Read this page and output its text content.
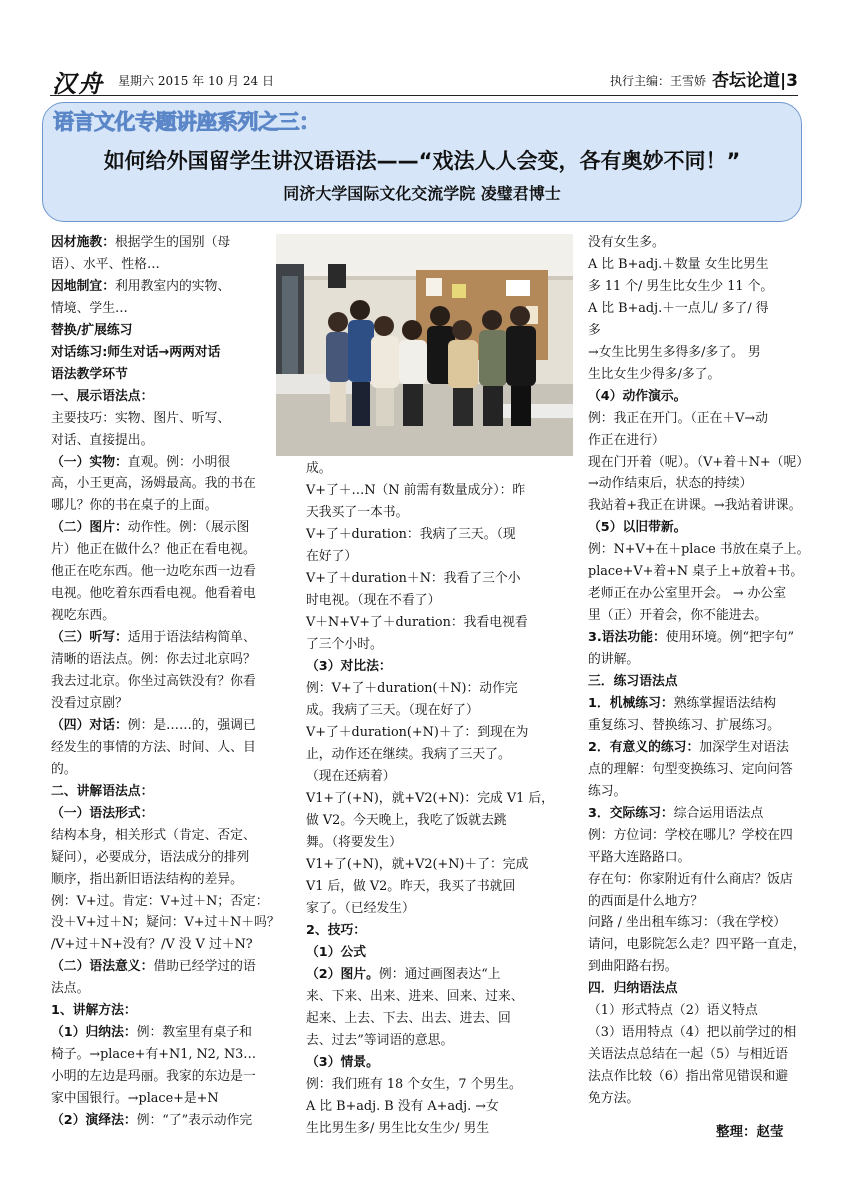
汉舟 星期六 2015 年 10 月 24 日	执行主编：王雪娇 杏坛论道|3
语言文化专题讲座系列之三：
如何给外国留学生讲汉语语法——“戏法人人会变，各有奥妙不同！”
同济大学国际文化交流学院 凌璧君博士
因材施教：根据学生的国别（母
语）、水平、性格…
因地制宜：利用教室内的实物、
情境、学生…
替换/扩展练习
对话练习:师生对话→两两对话
语法教学环节
一、展示语法点：
主要技巧：实物、图片、听写、
对话、直接提出。
（一）实物：直观。例：小明很
高，小王更高，汤姆最高。我的书在
哪儿？你的书在桌子的上面。
（二）图片：动作性。例：（展示图
片）他正在做什么？他正在看电视。
他正在吃东西。他一边吃东西一边看
电视。他吃着东西看电视。他看着电
视吃东西。
（三）听写：适用于语法结构简单、
清晰的语法点。例：你去过北京吗？
我去过北京。你坐过高铁没有？你看
没看过京剧？
（四）对话：例：是……的，强调已
经发生的事情的方法、时间、人、目
的。
二、讲解语法点：
（一）语法形式：
结构本身，相关形式（肯定、否定、
疑问），必要成分，语法成分的排列
顺序，指出新旧语法结构的差异。
例：V+过。肯定：V+过＋N；否定：
没＋V+过＋N；疑问：V+过＋N＋吗？
/V+过＋N+没有？/V 没 V 过＋N?
（二）语法意义：借助已经学过的语
法点。
1、讲解方法：
（1）归纳法：例：教室里有桌子和
椅子。→place+有+N1, N2, N3…
小明的左边是玛丽。我家的东边是一
家中国银行。→place+是+N
（2）演绎法：例：“了”表示动作完
成。
V+了＋…N（N 前需有数量成分）：昨
天我买了一本书。
V+了＋duration：我病了三天。（现
在好了）
V+了＋duration＋N：我看了三个小
时电视。（现在不看了）
V＋N+V+了＋duration：我看电视看
了三个小时。
（3）对比法：
例：V+了＋duration(＋N)：动作完
成。我病了三天。（现在好了）
V+了＋duration(+N)＋了：到现在为
止，动作还在继续。我病了三天了。
（现在还病着）
V1+了(+N)，就+V2(+N)：完成 V1 后，
做 V2。今天晚上，我吃了饭就去跳
舞。（将要发生）
V1+了(+N)，就+V2(+N)＋了：完成
V1 后，做 V2。昨天，我买了书就回
家了。（已经发生）
2、技巧：
（1）公式
（2）图片。例：通过画图表达“上
来、下来、出来、进来、回来、过来、
起来、上去、下去、出去、进去、回
去、过去”等词语的意思。
（3）情景。
例：我们班有 18 个女生，7 个男生。
A 比 B+adj. B 没有 A+adj. →女
生比男生多/ 男生比女生少/ 男生
没有女生多。
A 比 B+adj.＋数量 女生比男生
多 11 个/ 男生比女生少 11 个。
A 比 B+adj.＋一点儿/ 多了/ 得
多
→女生比男生多得多/多了。 男
生比女生少得多/多了。
（4）动作演示。
例：我正在开门。（正在＋V→动
作正在进行）
现在门开着（呢）。（V+着＋N+（呢）
→动作结束后，状态的持续）
我站着+我正在讲课。→我站着讲课。
（5）以旧带新。
例：N+V+在＋place 书放在桌子上。
place+V+着+N 桌子上+放着+书。
老师正在办公室里开会。 → 办公室
里（正）开着会，你不能进去。
3.语法功能：使用环境。例“把字句”
的讲解。
三．练习语法点
1．机械练习：熟练掌握语法结构
重复练习、替换练习、扩展练习。
2．有意义的练习：加深学生对语法
点的理解：句型变换练习、定向问答
练习。
3．交际练习：综合运用语法点
例：方位词：学校在哪儿？学校在四
平路大连路路口。
存在句：你家附近有什么商店？饭店
的西面是什么地方？
问路 / 坐出租车练习：（我在学校）
请问，电影院怎么走？四平路一直走，
到曲阳路右拐。
四．归纳语法点
（1）形式特点（2）语义特点
（3）语用特点（4）把以前学过的相
关语法点总结在一起（5）与相近语
法点作比较（6）指出常见错误和避
免方法。
整理：赵莹
